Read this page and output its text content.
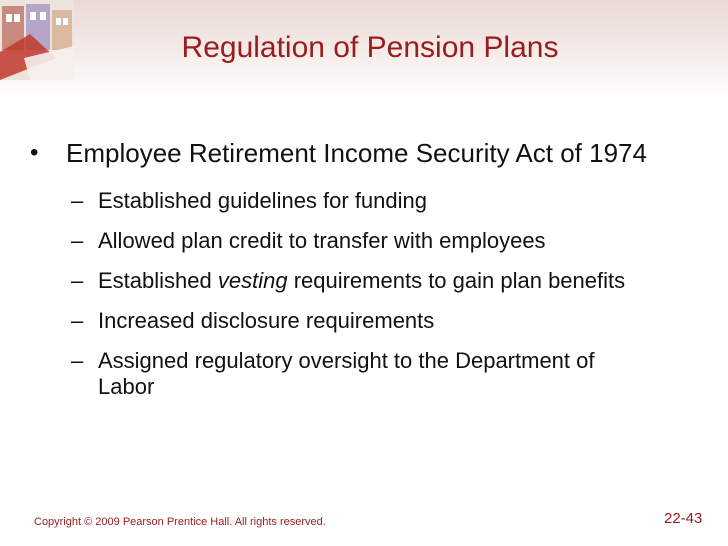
Regulation of Pension Plans
• Employee Retirement Income Security Act of 1974
– Established guidelines for funding
– Allowed plan credit to transfer with employees
– Established vesting requirements to gain plan benefits
– Increased disclosure requirements
– Assigned regulatory oversight to the Department of Labor
Copyright © 2009 Pearson Prentice Hall. All rights reserved.	22-43
